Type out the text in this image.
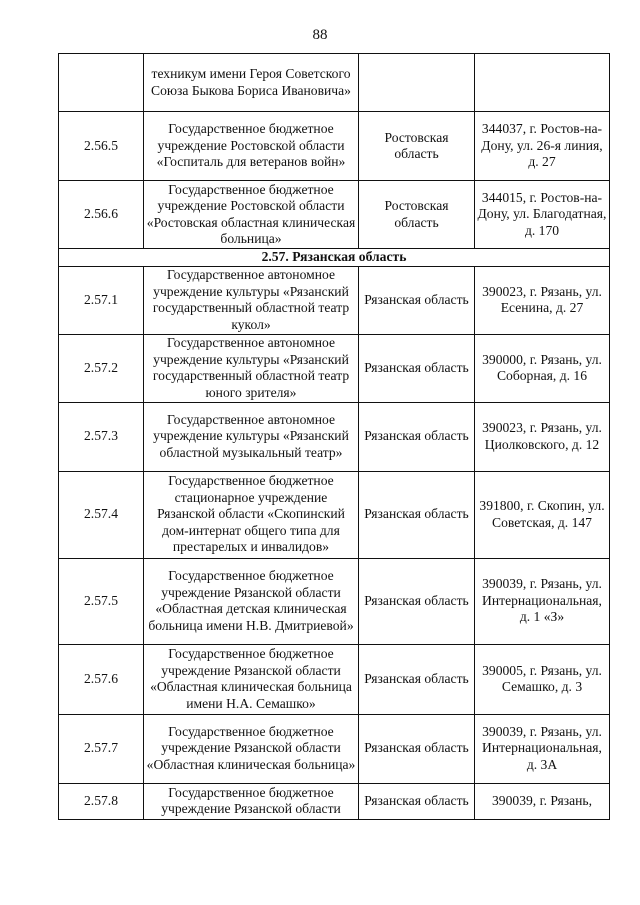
88
	техникум имени Героя Советского Союза Быкова Бориса Ивановича»		
2.56.5	Государственное бюджетное учреждение Ростовской области «Госпиталь для ветеранов войн»	Ростовская область	344037, г. Ростов-на-Дону, ул. 26-я линия, д. 27
2.56.6	Государственное бюджетное учреждение Ростовской области «Ростовская областная клиническая больница»	Ростовская область	344015, г. Ростов-на-Дону, ул. Благодатная, д. 170
2.57. Рязанская область			
2.57.1	Государственное автономное учреждение культуры «Рязанский государственный областной театр кукол»	Рязанская область	390023, г. Рязань, ул. Есенина, д. 27
2.57.2	Государственное автономное учреждение культуры «Рязанский государственный областной театр юного зрителя»	Рязанская область	390000, г. Рязань, ул. Соборная, д. 16
2.57.3	Государственное автономное учреждение культуры «Рязанский областной музыкальный театр»	Рязанская область	390023, г. Рязань, ул. Циолковского, д. 12
2.57.4	Государственное бюджетное стационарное учреждение Рязанской области «Скопинский дом-интернат общего типа для престарелых и инвалидов»	Рязанская область	391800, г. Скопин, ул. Советская, д. 147
2.57.5	Государственное бюджетное учреждение Рязанской области «Областная детская клиническая больница имени Н.В. Дмитриевой»	Рязанская область	390039, г. Рязань, ул. Интернациональная, д. 1 «З»
2.57.6	Государственное бюджетное учреждение Рязанской области «Областная клиническая больница имени Н.А. Семашко»	Рязанская область	390005, г. Рязань, ул. Семашко, д. 3
2.57.7	Государственное бюджетное учреждение Рязанской области «Областная клиническая больница»	Рязанская область	390039, г. Рязань, ул. Интернациональная, д. 3А
2.57.8	Государственное бюджетное учреждение Рязанской области	Рязанская область	390039, г. Рязань,
